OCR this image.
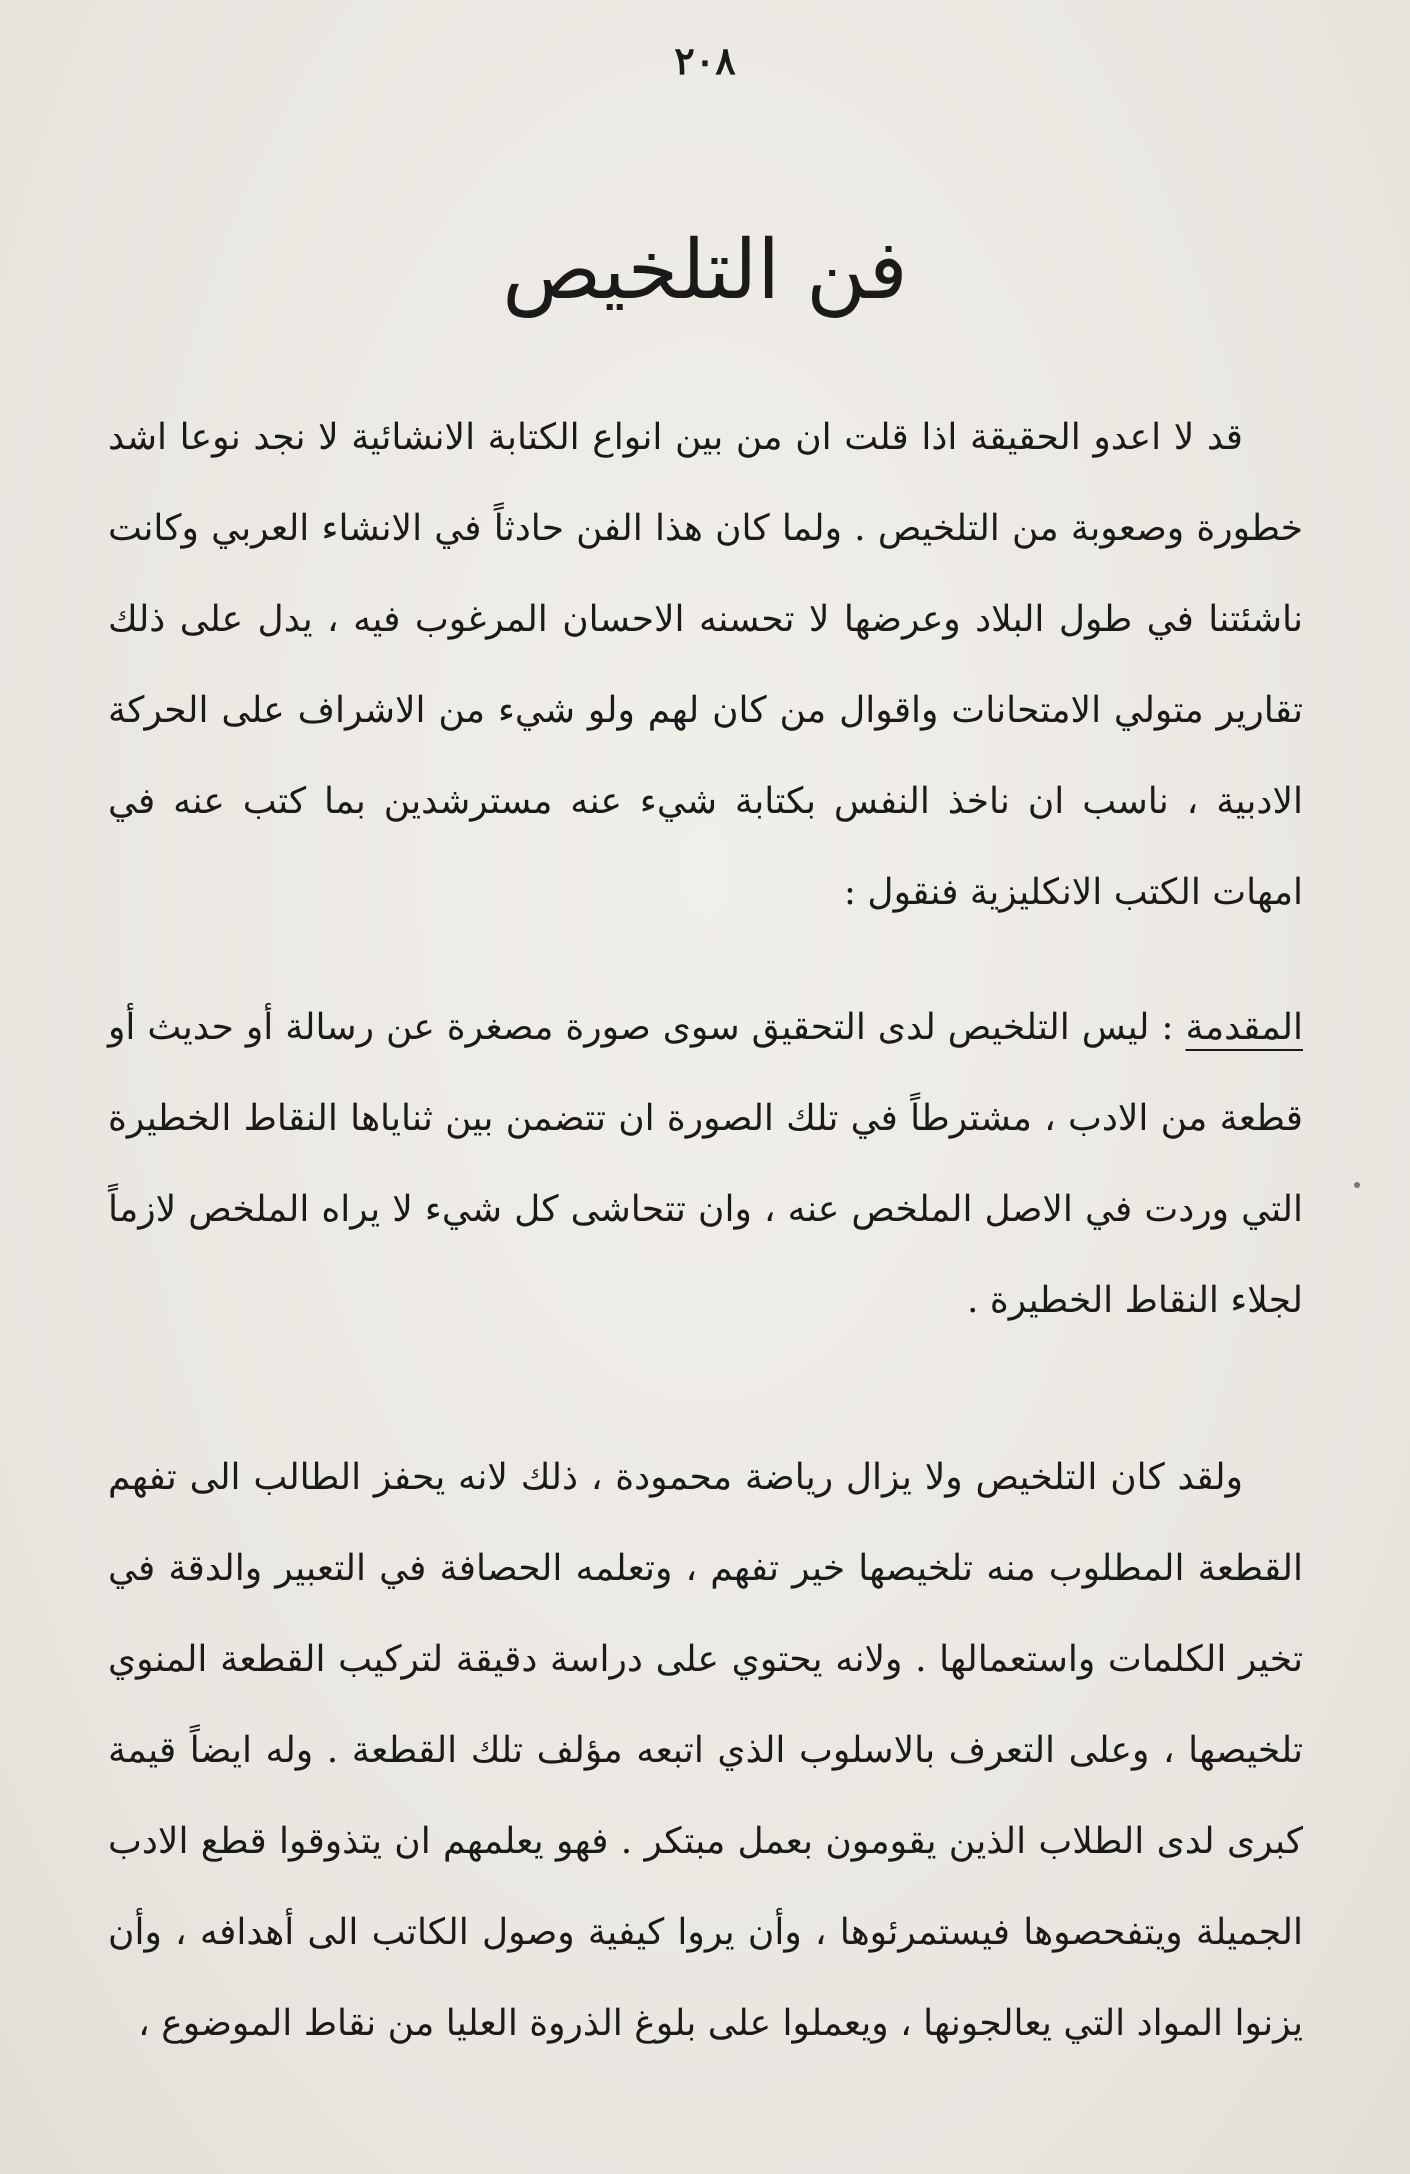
٢٠٨
فن التلخيص

قد لا اعدو الحقيقة اذا قلت ان من بين انواع الكتابة الانشائية لا نجد نوعا اشد خطورة وصعوبة من التلخيص . ولما كان هذا الفن حادثاً في الانشاء العربي وكانت ناشئتنا في طول البلاد وعرضها لا تحسنه الاحسان المرغوب فيه ، يدل على ذلك تقارير متولي الامتحانات واقوال من كان لهم ولو شيء من الاشراف على الحركة الادبية ، ناسب ان ناخذ النفس بكتابة شيء عنه مسترشدين بما كتب عنه في امهات الكتب الانكليزية فنقول :

المقدمة : ليس التلخيص لدى التحقيق سوى صورة مصغرة عن رسالة أو حديث أو قطعة من الادب ، مشترطاً في تلك الصورة ان تتضمن بين ثناياها النقاط الخطيرة التي وردت في الاصل الملخص عنه ، وان تتحاشى كل شيء لا يراه الملخص لازماً لجلاء النقاط الخطيرة .

ولقد كان التلخيص ولا يزال رياضة محمودة ، ذلك لانه يحفز الطالب الى تفهم القطعة المطلوب منه تلخيصها خير تفهم ، وتعلمه الحصافة في التعبير والدقة في تخير الكلمات واستعمالها . ولانه يحتوي على دراسة دقيقة لتركيب القطعة المنوي تلخيصها ، وعلى التعرف بالاسلوب الذي اتبعه مؤلف تلك القطعة . وله ايضاً قيمة كبرى لدى الطلاب الذين يقومون بعمل مبتكر . فهو يعلمهم ان يتذوقوا قطع الادب الجميلة ويتفحصوها فيستمرئوها ، وأن يروا كيفية وصول الكاتب الى أهدافه ، وأن يزنوا المواد التي يعالجونها ، ويعملوا على بلوغ الذروة العليا من نقاط الموضوع ،
